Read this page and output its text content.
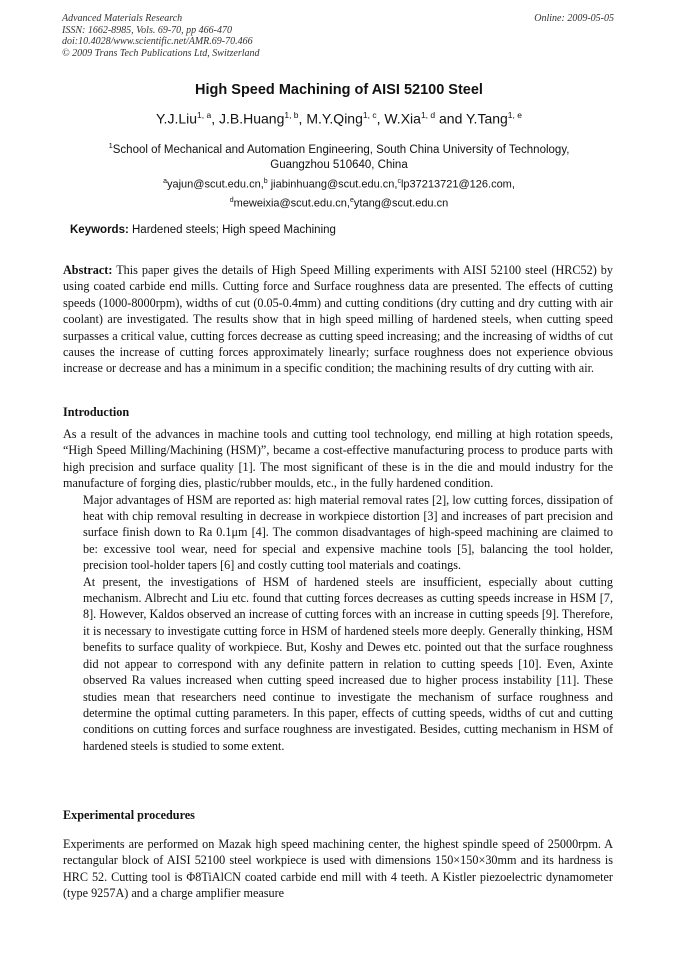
Advanced Materials Research
ISSN: 1662-8985, Vols. 69-70, pp 466-470
doi:10.4028/www.scientific.net/AMR.69-70.466
© 2009 Trans Tech Publications Ltd, Switzerland
Online: 2009-05-05
High Speed Machining of AISI 52100 Steel
Y.J.Liu$^{1, a}$, J.B.Huang$^{1, b}$, M.Y.Qing$^{1, c}$, W.Xia$^{1, d}$ and Y.Tang$^{1, e}$
$^1$School of Mechanical and Automation Engineering, South China University of Technology,
Guangzhou 510640, China
$^a$yajun@scut.edu.cn,$^b$ jiabinhuang@scut.edu.cn,$^c$lp37213721@126.com,
$^d$meweixia@scut.edu.cn,$^e$ytang@scut.edu.cn
Keywords: Hardened steels; High speed Machining

Abstract: This paper gives the details of High Speed Milling experiments with AISI 52100 steel (HRC52) by using coated carbide end mills. Cutting force and Surface roughness data are presented. The effects of cutting speeds (1000-8000rpm), widths of cut (0.05-0.4mm) and cutting conditions (dry cutting and dry cutting with air coolant) are investigated. The results show that in high speed milling of hardened steels, when cutting speed surpasses a critical value, cutting forces decrease as cutting speed increasing; and the increasing of widths of cut causes the increase of cutting forces approximately linearly; surface roughness does not experience obvious increase or decrease and has a minimum in a specific condition; the machining results of dry cutting with air.

Introduction
As a result of the advances in machine tools and cutting tool technology, end milling at high rotation speeds, “High Speed Milling/Machining (HSM)”, became a cost-effective manufacturing process to produce parts with high precision and surface quality [1]. The most significant of these is in the die and mould industry for the manufacture of forging dies, plastic/rubber moulds, etc., in the fully hardened condition.
Major advantages of HSM are reported as: high material removal rates [2], low cutting forces, dissipation of heat with chip removal resulting in decrease in workpiece distortion [3] and increases of part precision and surface finish down to Ra 0.1μm [4]. The common disadvantages of high-speed machining are claimed to be: excessive tool wear, need for special and expensive machine tools [5], balancing the tool holder, precision tool-holder tapers [6] and costly cutting tool materials and coatings.
At present, the investigations of HSM of hardened steels are insufficient, especially about cutting mechanism. Albrecht and Liu etc. found that cutting forces decreases as cutting speeds increase in HSM [7, 8]. However, Kaldos observed an increase of cutting forces with an increase in cutting speeds [9]. Therefore, it is necessary to investigate cutting force in HSM of hardened steels more deeply. Generally thinking, HSM benefits to surface quality of workpiece. But, Koshy and Dewes etc. pointed out that the surface roughness did not appear to correspond with any definite pattern in relation to cutting speeds [10]. Even, Axinte observed Ra values increased when cutting speed increased due to higher process instability [11]. These studies mean that researchers need continue to investigate the mechanism of surface roughness and determine the optimal cutting parameters. In this paper, effects of cutting speeds, widths of cut and cutting conditions on cutting forces and surface roughness are investigated. Besides, cutting mechanism in HSM of hardened steels is studied to some extent.
Experimental procedures

Experiments are performed on Mazak high speed machining center, the highest spindle speed of 25000rpm. A rectangular block of AISI 52100 steel workpiece is used with dimensions 150×150×30mm and its hardness is HRC 52. Cutting tool is Φ8TiAlCN coated carbide end mill with 4 teeth. A Kistler piezoelectric dynamometer (type 9257A) and a charge amplifier measure
